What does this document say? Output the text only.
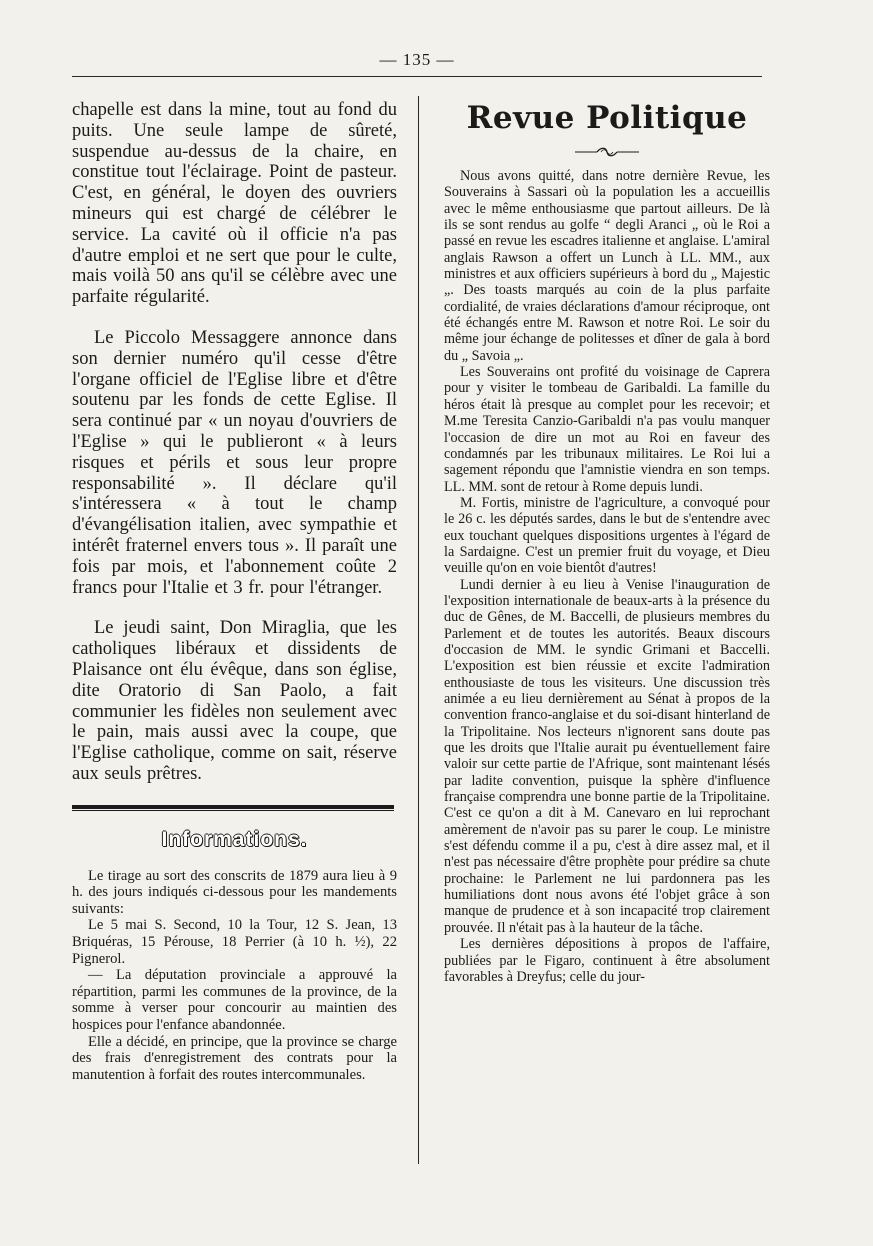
— 135 —

chapelle est dans la mine, tout au fond du puits. Une seule lampe de sûreté, suspendue au-dessus de la chaire, en constitue tout l'éclairage. Point de pasteur. C'est, en général, le doyen des ouvriers mineurs qui est chargé de célébrer le service. La cavité où il officie n'a pas d'autre emploi et ne sert que pour le culte, mais voilà 50 ans qu'il se célèbre avec une parfaite régularité.

Le Piccolo Messaggere annonce dans son dernier numéro qu'il cesse d'être l'organe officiel de l'Eglise libre et d'être soutenu par les fonds de cette Eglise. Il sera continué par « un noyau d'ouvriers de l'Eglise » qui le publieront « à leurs risques et périls et sous leur propre responsabilité ». Il déclare qu'il s'intéressera « à tout le champ d'évangélisation italien, avec sympathie et intérêt fraternel envers tous ». Il paraît une fois par mois, et l'abonnement coûte 2 francs pour l'Italie et 3 fr. pour l'étranger.

Le jeudi saint, Don Miraglia, que les catholiques libéraux et dissidents de Plaisance ont élu évêque, dans son église, dite Oratorio di San Paolo, a fait communier les fidèles non seulement avec le pain, mais aussi avec la coupe, que l'Eglise catholique, comme on sait, réserve aux seuls prêtres.

Informations.

Le tirage au sort des conscrits de 1879 aura lieu à 9 h. des jours indiqués ci-dessous pour les mandements suivants:

Le 5 mai S. Second, 10 la Tour, 12 S. Jean, 13 Briquéras, 15 Pérouse, 18 Perrier (à 10 h. ½), 22 Pignerol.

— La députation provinciale a approuvé la répartition, parmi les communes de la province, de la somme à verser pour concourir au maintien des hospices pour l'enfance abandonnée.

Elle a décidé, en principe, que la province se charge des frais d'enregistrement des contrats pour la manutention à forfait des routes intercommunales.

Revue Politique

Nous avons quitté, dans notre dernière Revue, les Souverains à Sassari où la population les a accueillis avec le même enthousiasme que partout ailleurs. De là ils se sont rendus au golfe “ degli Aranci „ où le Roi a passé en revue les escadres italienne et anglaise. L'amiral anglais Rawson a offert un Lunch à LL. MM., aux ministres et aux officiers supérieurs à bord du „ Majestic „. Des toasts marqués au coin de la plus parfaite cordialité, de vraies déclarations d'amour réciproque, ont été échangés entre M. Rawson et notre Roi. Le soir du même jour échange de politesses et dîner de gala à bord du „ Savoia „.

Les Souverains ont profité du voisinage de Caprera pour y visiter le tombeau de Garibaldi. La famille du héros était là presque au complet pour les recevoir; et M.me Teresita Canzio-Garibaldi n'a pas voulu manquer l'occasion de dire un mot au Roi en faveur des condamnés par les tribunaux militaires. Le Roi lui a sagement répondu que l'amnistie viendra en son temps. LL. MM. sont de retour à Rome depuis lundi.

M. Fortis, ministre de l'agriculture, a convoqué pour le 26 c. les députés sardes, dans le but de s'entendre avec eux touchant quelques dispositions urgentes à l'égard de la Sardaigne. C'est un premier fruit du voyage, et Dieu veuille qu'on en voie bientôt d'autres!

Lundi dernier à eu lieu à Venise l'inauguration de l'exposition internationale de beaux-arts à la présence du duc de Gênes, de M. Baccelli, de plusieurs membres du Parlement et de toutes les autorités. Beaux discours d'occasion de MM. le syndic Grimani et Baccelli. L'exposition est bien réussie et excite l'admiration enthousiaste de tous les visiteurs. Une discussion très animée a eu lieu dernièrement au Sénat à propos de la convention franco-anglaise et du soi-disant hinterland de la Tripolitaine. Nos lecteurs n'ignorent sans doute pas que les droits que l'Italie aurait pu éventuellement faire valoir sur cette partie de l'Afrique, sont maintenant lésés par ladite convention, puisque la sphère d'influence française comprendra une bonne partie de la Tripolitaine. C'est ce qu'on a dit à M. Canevaro en lui reprochant amèrement de n'avoir pas su parer le coup. Le ministre s'est défendu comme il a pu, c'est à dire assez mal, et il n'est pas nécessaire d'être prophète pour prédire sa chute prochaine: le Parlement ne lui pardonnera pas les humiliations dont nous avons été l'objet grâce à son manque de prudence et à son incapacité trop clairement prouvée. Il n'était pas à la hauteur de la tâche.

Les dernières dépositions à propos de l'affaire, publiées par le Figaro, continuent à être absolument favorables à Dreyfus; celle du jour-
